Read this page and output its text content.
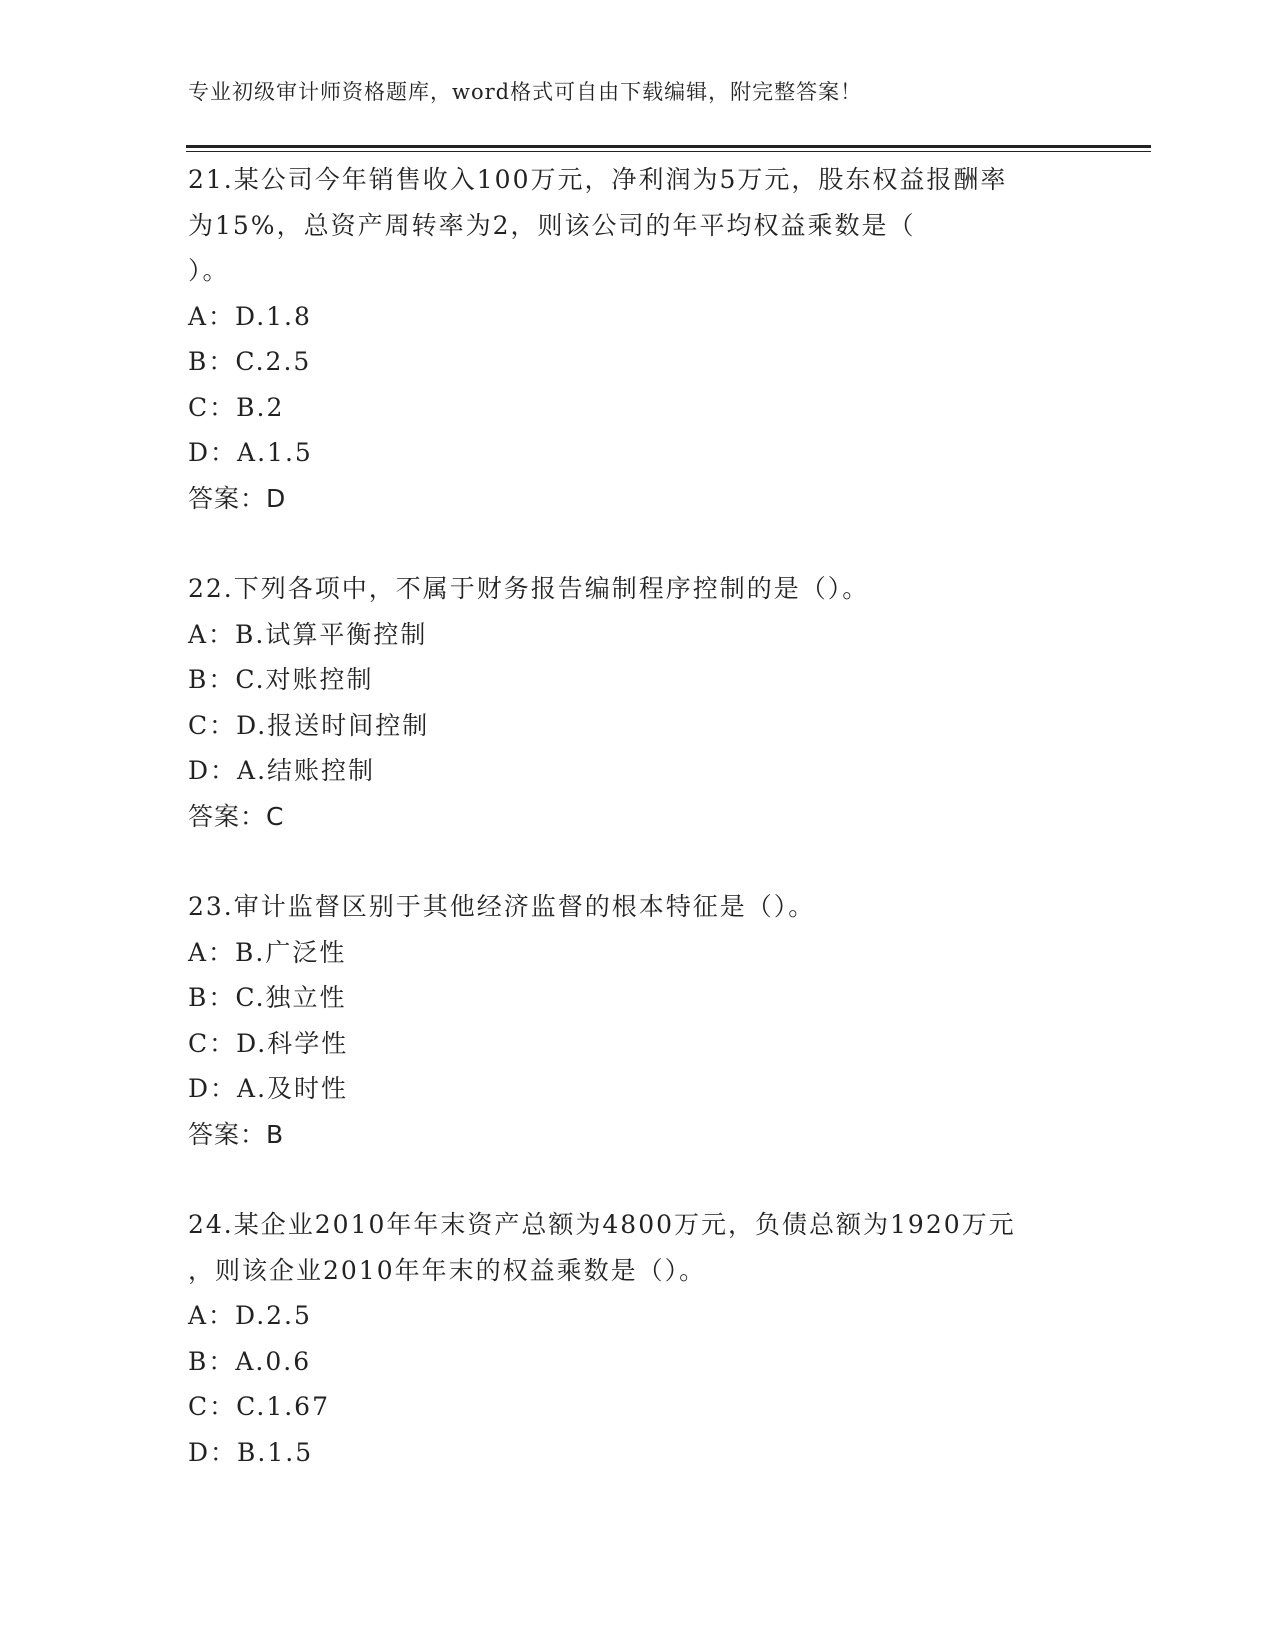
专业初级审计师资格题库，word格式可自由下载编辑，附完整答案！
21.某公司今年销售收入100万元，净利润为5万元，股东权益报酬率
为15%，总资产周转率为2，则该公司的年平均权益乘数是（
）。
A：D.1.8
B：C.2.5
C：B.2
D：A.1.5
答案：D
22.下列各项中，不属于财务报告编制程序控制的是（）。
A：B.试算平衡控制
B：C.对账控制
C：D.报送时间控制
D：A.结账控制
答案：C
23.审计监督区别于其他经济监督的根本特征是（）。
A：B.广泛性
B：C.独立性
C：D.科学性
D：A.及时性
答案：B
24.某企业2010年年末资产总额为4800万元，负债总额为1920万元
，则该企业2010年年末的权益乘数是（）。
A：D.2.5
B：A.0.6
C：C.1.67
D：B.1.5
